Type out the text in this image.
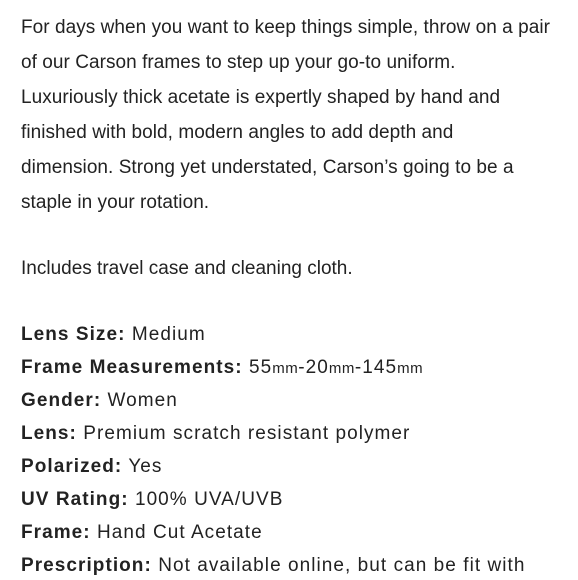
For days when you want to keep things simple, throw on a pair
of our Carson frames to step up your go-to uniform.
Luxuriously thick acetate is expertly shaped by hand and
finished with bold, modern angles to add depth and
dimension. Strong yet understated, Carson’s going to be a
staple in your rotation.

Includes travel case and cleaning cloth.

Lens Size: Medium
Frame Measurements: 55mm-20mm-145mm
Gender: Women
Lens: Premium scratch resistant polymer
Polarized: Yes
UV Rating: 100% UVA/UVB
Frame: Hand Cut Acetate
Prescription: Not available online, but can be fit with
